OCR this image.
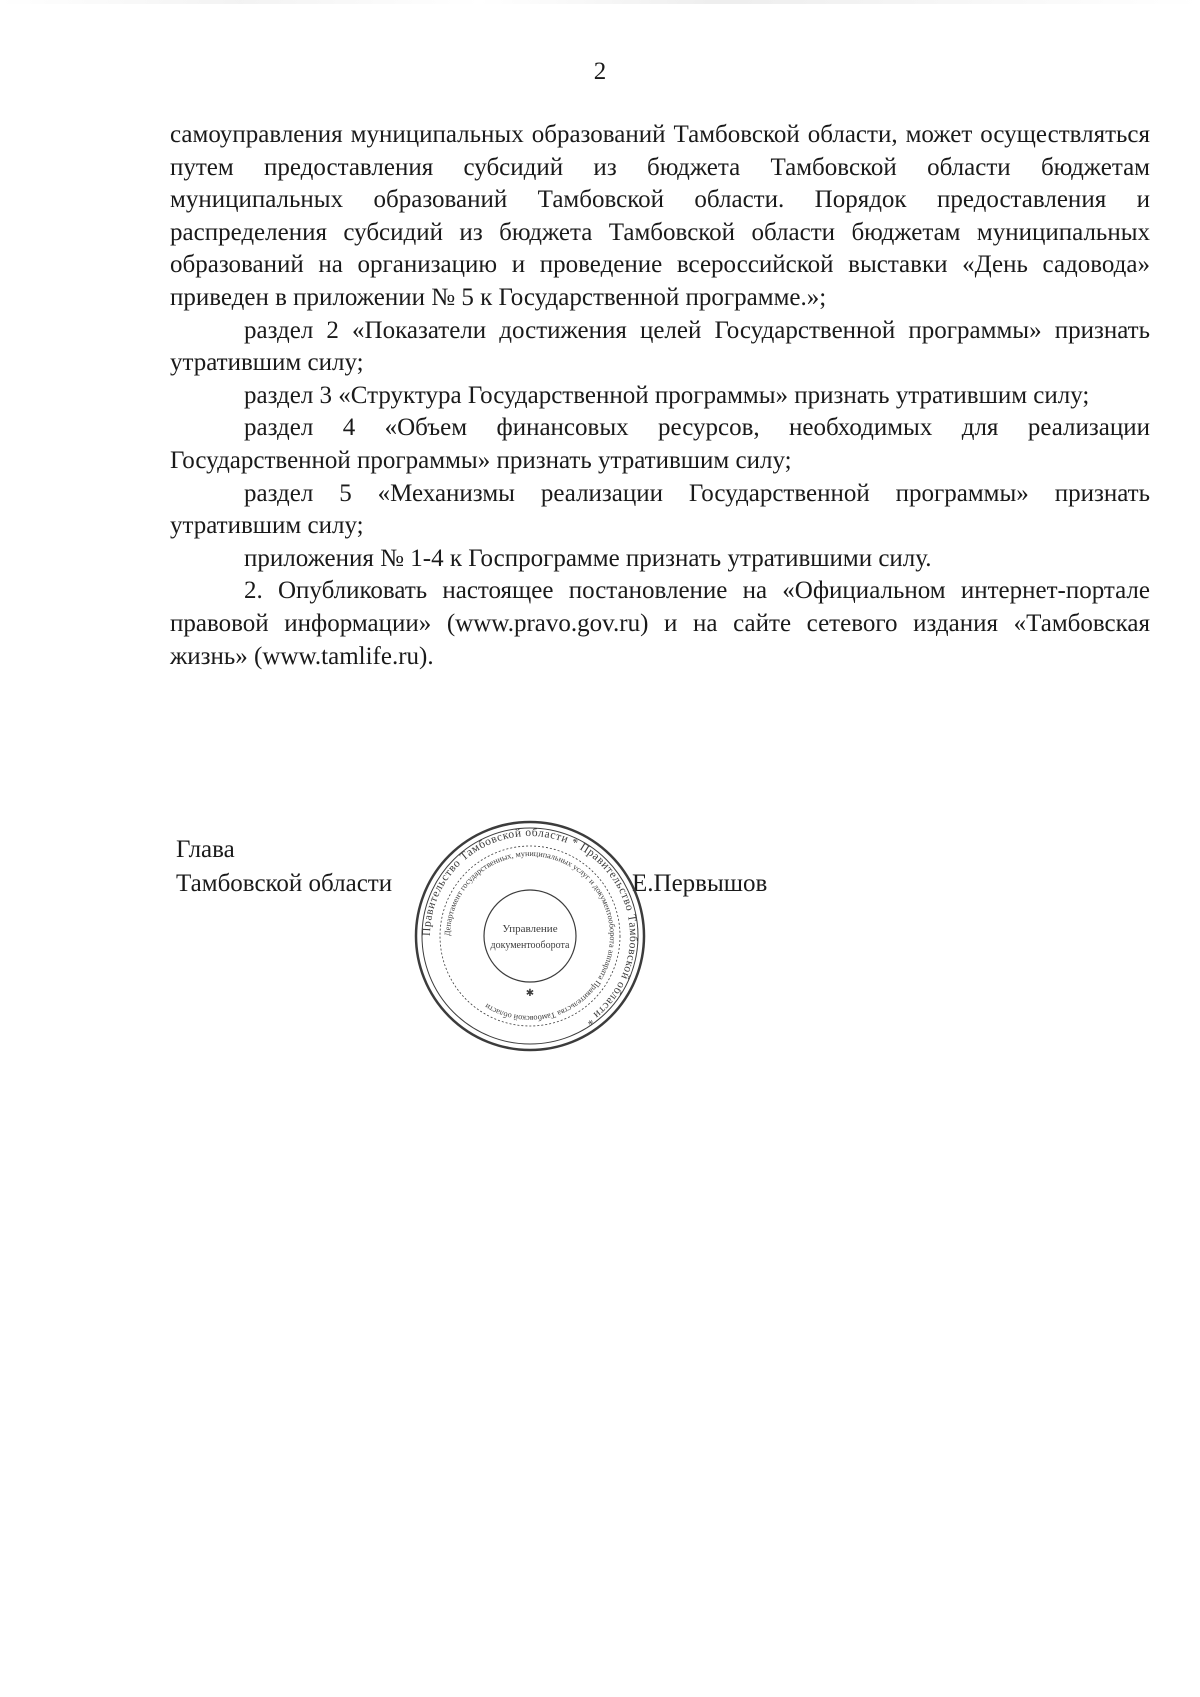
2

самоуправления муниципальных образований Тамбовской области, может осуществляться путем предоставления субсидий из бюджета Тамбовской области бюджетам муниципальных образований Тамбовской области. Порядок предоставления и распределения субсидий из бюджета Тамбовской области бюджетам муниципальных образований на организацию и проведение всероссийской выставки «День садовода» приведен в приложении № 5 к Государственной программе.»;

раздел 2 «Показатели достижения целей Государственной программы» признать утратившим силу;

раздел 3 «Структура Государственной программы» признать утратившим силу;

раздел 4 «Объем финансовых ресурсов, необходимых для реализации Государственной программы» признать утратившим силу;

раздел 5 «Механизмы реализации Государственной программы» признать утратившим силу;

приложения № 1-4 к Госпрограмме признать утратившими силу.

2. Опубликовать настоящее постановление на «Официальном интернет-портале правовой информации» (www.pravo.gov.ru) и на сайте сетевого издания «Тамбовская жизнь» (www.tamlife.ru).

Глава
Тамбовской области	Е.Первышов
Правительство Тамбовской области * Правительство Тамбовской области *
Департамент государственных, муниципальных услуг и документооборота аппарата Правительства Тамбовской области
Управление
документооборота
✱
